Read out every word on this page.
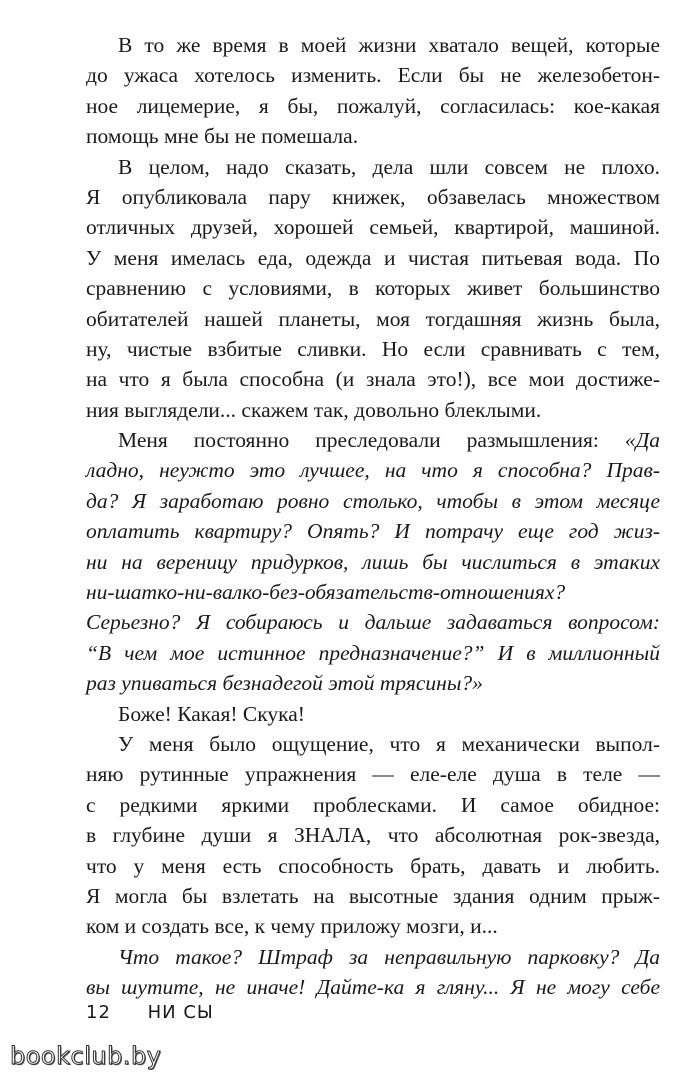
В то же время в моей жизни хватало вещей, которые
до ужаса хотелось изменить. Если бы не железобетон-
ное лицемерие, я бы, пожалуй, согласилась: кое-какая
помощь мне бы не помешала.
В целом, надо сказать, дела шли совсем не плохо.
Я опубликовала пару книжек, обзавелась множеством
отличных друзей, хорошей семьей, квартирой, машиной.
У меня имелась еда, одежда и чистая питьевая вода. По
сравнению с условиями, в которых живет большинство
обитателей нашей планеты, моя тогдашняя жизнь была,
ну, чистые взбитые сливки. Но если сравнивать с тем,
на что я была способна (и знала это!), все мои достиже-
ния выглядели... скажем так, довольно блеклыми.
Меня постоянно преследовали размышления: «Да
ладно, неужто это лучшее, на что я способна? Прав-
да? Я заработаю ровно столько, чтобы в этом месяце
оплатить квартиру? Опять? И потрачу еще год жиз-
ни на вереницу придурков, лишь бы числиться в этаких
ни-шатко-ни-валко-без-обязательств-отношениях?
Серьезно? Я собираюсь и дальше задаваться вопросом:
“В чем мое истинное предназначение?” И в миллионный
раз упиваться безнадегой этой трясины?»
Боже! Какая! Скука!
У меня было ощущение, что я механически выпол-
няю рутинные упражнения — еле-еле душа в теле —
с редкими яркими проблесками. И самое обидное:
в глубине души я ЗНАЛА, что абсолютная рок-звезда,
что у меня есть способность брать, давать и любить.
Я могла бы взлетать на высотные здания одним прыж-
ком и создать все, к чему приложу мозги, и...
Что такое? Штраф за неправильную парковку? Да
вы шутите, не иначе! Дайте-ка я гляну... Я не могу себе
12 НИ СЫ
bookclub.by
